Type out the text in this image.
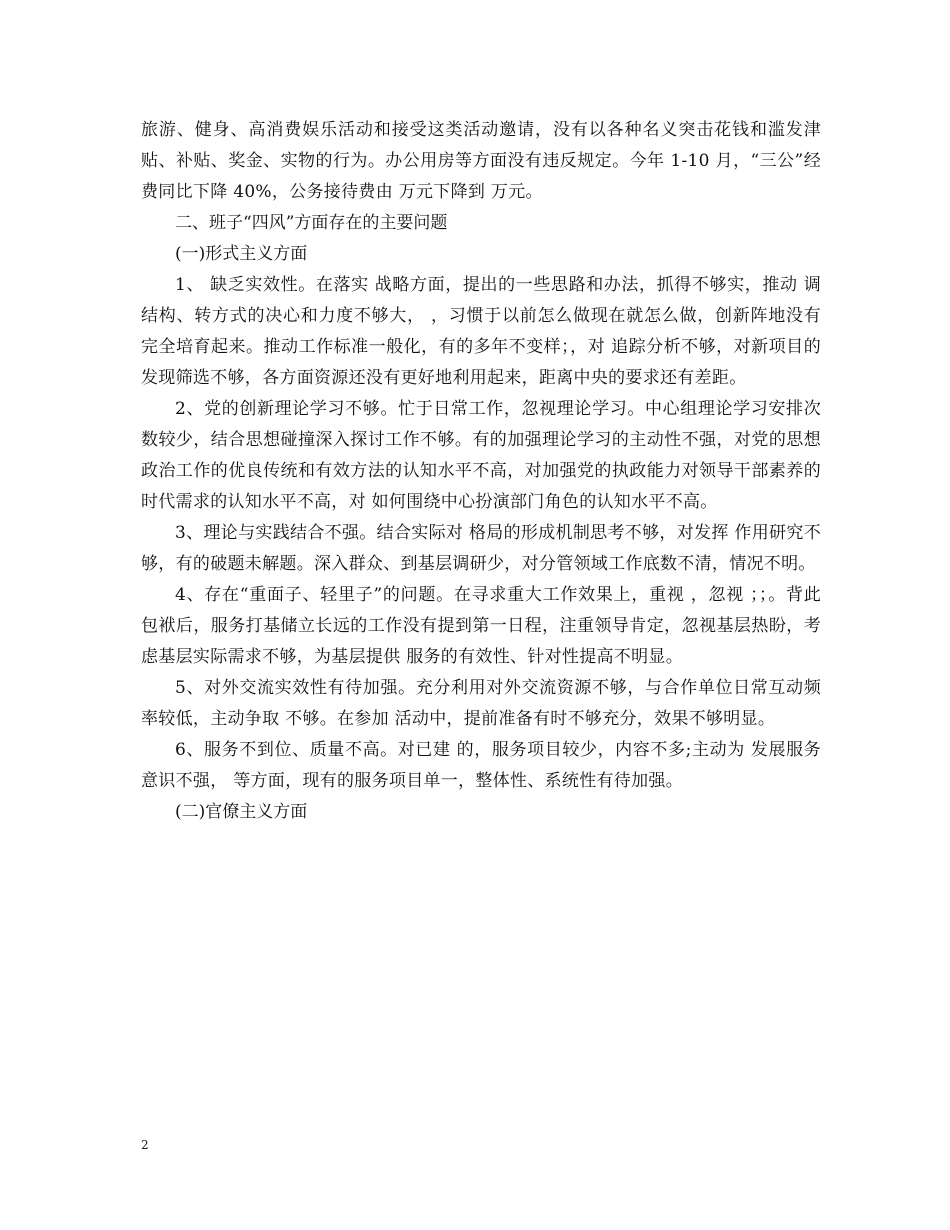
旅游、健身、高消费娱乐活动和接受这类活动邀请，没有以各种名义突击花钱和滥发津贴、补贴、奖金、实物的行为。办公用房等方面没有违反规定。今年 1-10 月，“三公”经费同比下降 40%，公务接待费由 万元下降到 万元。

二、班子“四风”方面存在的主要问题

(一)形式主义方面

1、 缺乏实效性。在落实 战略方面，提出的一些思路和办法，抓得不够实，推动 调结构、转方式的决心和力度不够大， ，习惯于以前怎么做现在就怎么做，创新阵地没有完全培育起来。推动工作标准一般化，有的多年不变样；，对 追踪分析不够，对新项目的发现筛选不够，各方面资源还没有更好地利用起来，距离中央的要求还有差距。

2、党的创新理论学习不够。忙于日常工作，忽视理论学习。中心组理论学习安排次数较少，结合思想碰撞深入探讨工作不够。有的加强理论学习的主动性不强，对党的思想政治工作的优良传统和有效方法的认知水平不高，对加强党的执政能力对领导干部素养的时代需求的认知水平不高，对 如何围绕中心扮演部门角色的认知水平不高。

3、理论与实践结合不强。结合实际对 格局的形成机制思考不够，对发挥 作用研究不够，有的破题未解题。深入群众、到基层调研少，对分管领域工作底数不清，情况不明。

4、存在“重面子、轻里子”的问题。在寻求重大工作效果上，重视 ，忽视 ；；。背此包袱后，服务打基储立长远的工作没有提到第一日程，注重领导肯定，忽视基层热盼，考虑基层实际需求不够，为基层提供 服务的有效性、针对性提高不明显。

5、对外交流实效性有待加强。充分利用对外交流资源不够，与合作单位日常互动频率较低，主动争取 不够。在参加 活动中，提前准备有时不够充分，效果不够明显。

6、服务不到位、质量不高。对已建 的，服务项目较少，内容不多;主动为 发展服务意识不强， 等方面，现有的服务项目单一，整体性、系统性有待加强。

(二)官僚主义方面

2
